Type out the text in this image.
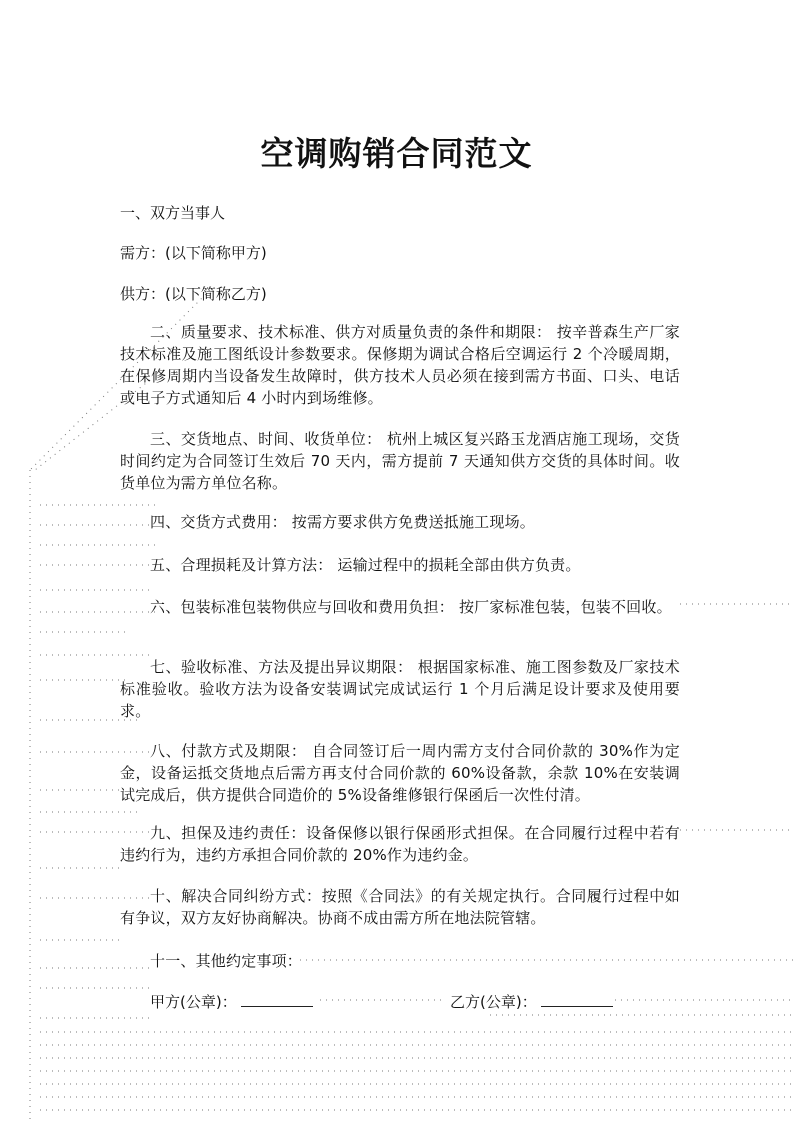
空调购销合同范文
一、双方当事人
需方：(以下简称甲方)
供方：(以下简称乙方)
二、质量要求、技术标准、供方对质量负责的条件和期限： 按辛普森生产厂家技术标准及施工图纸设计参数要求。保修期为调试合格后空调运行 2 个冷暖周期，在保修周期内当设备发生故障时，供方技术人员必须在接到需方书面、口头、电话或电子方式通知后 4 小时内到场维修。
三、交货地点、时间、收货单位： 杭州上城区复兴路玉龙酒店施工现场，交货时间约定为合同签订生效后 70 天内，需方提前 7 天通知供方交货的具体时间。收货单位为需方单位名称。
四、交货方式费用： 按需方要求供方免费送抵施工现场。
五、合理损耗及计算方法： 运输过程中的损耗全部由供方负责。
六、包装标准包装物供应与回收和费用负担： 按厂家标准包装，包装不回收。
七、验收标准、方法及提出异议期限： 根据国家标准、施工图参数及厂家技术标准验收。验收方法为设备安装调试完成试运行 1 个月后满足设计要求及使用要求。
八、付款方式及期限： 自合同签订后一周内需方支付合同价款的 30%作为定金，设备运抵交货地点后需方再支付合同价款的 60%设备款，余款 10%在安装调试完成后，供方提供合同造价的 5%设备维修银行保函后一次性付清。
九、担保及违约责任：设备保修以银行保函形式担保。在合同履行过程中若有违约行为，违约方承担合同价款的 20%作为违约金。
十、解决合同纠纷方式：按照《合同法》的有关规定执行。合同履行过程中如有争议，双方友好协商解决。协商不成由需方所在地法院管辖。
十一、其他约定事项：
甲方(公章)：	乙方(公章)：
